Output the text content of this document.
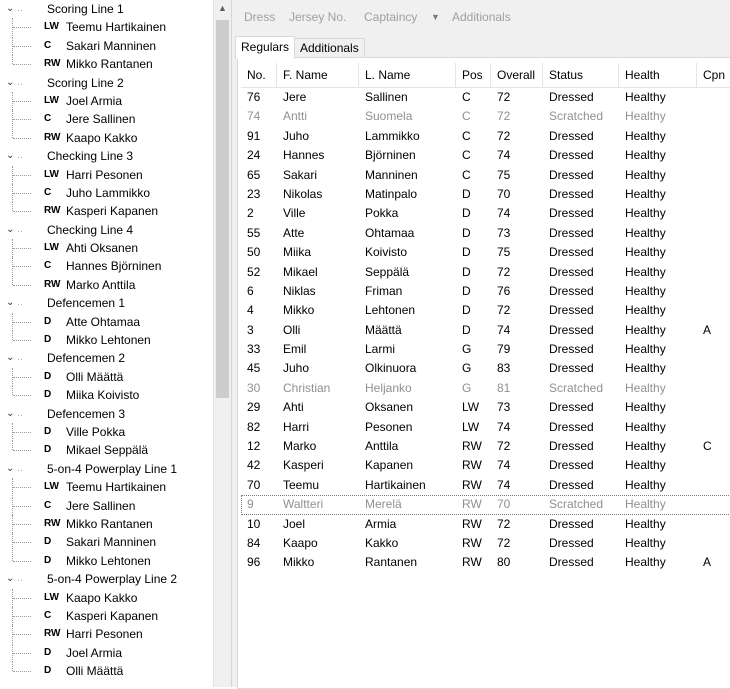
⌄ .. Scoring Line 1
LW Teemu Hartikainen
C Sakari Manninen
RW Mikko Rantanen
⌄ .. Scoring Line 2
LW Joel Armia
C Jere Sallinen
RW Kaapo Kakko
⌄ .. Checking Line 3
LW Harri Pesonen
C Juho Lammikko
RW Kasperi Kapanen
⌄ .. Checking Line 4
LW Ahti Oksanen
C Hannes Björninen
RW Marko Anttila
⌄ .. Defencemen 1
D Atte Ohtamaa
D Mikko Lehtonen
⌄ .. Defencemen 2
D Olli Määttä
D Miika Koivisto
⌄ .. Defencemen 3
D Ville Pokka
D Mikael Seppälä
⌄ .. 5-on-4 Powerplay Line 1
LW Teemu Hartikainen
C Jere Sallinen
RW Mikko Rantanen
D Sakari Manninen
D Mikko Lehtonen
⌄ .. 5-on-4 Powerplay Line 2
LW Kaapo Kakko
C Kasperi Kapanen
RW Harri Pesonen
D Joel Armia
D Olli Määttä
▲
Dress Jersey No. Captaincy ▼ Additionals
Regulars Additionals
No.	F. Name	L. Name	Pos	Overall	Status	Health	Cpn
76	Jere	Sallinen	C	72	Dressed	Healthy
74	Antti	Suomela	C	72	Scratched	Healthy
91	Juho	Lammikko	C	72	Dressed	Healthy
24	Hannes	Björninen	C	74	Dressed	Healthy
65	Sakari	Manninen	C	75	Dressed	Healthy
23	Nikolas	Matinpalo	D	70	Dressed	Healthy
2	Ville	Pokka	D	74	Dressed	Healthy
55	Atte	Ohtamaa	D	73	Dressed	Healthy
50	Miika	Koivisto	D	75	Dressed	Healthy
52	Mikael	Seppälä	D	72	Dressed	Healthy
6	Niklas	Friman	D	76	Dressed	Healthy
4	Mikko	Lehtonen	D	72	Dressed	Healthy
3	Olli	Määttä	D	74	Dressed	Healthy	A
33	Emil	Larmi	G	79	Dressed	Healthy
45	Juho	Olkinuora	G	83	Dressed	Healthy
30	Christian	Heljanko	G	81	Scratched	Healthy
29	Ahti	Oksanen	LW	73	Dressed	Healthy
82	Harri	Pesonen	LW	74	Dressed	Healthy
12	Marko	Anttila	RW	72	Dressed	Healthy	C
42	Kasperi	Kapanen	RW	74	Dressed	Healthy
70	Teemu	Hartikainen	RW	74	Dressed	Healthy
9	Waltteri	Merelä	RW	70	Scratched	Healthy
10	Joel	Armia	RW	72	Dressed	Healthy
84	Kaapo	Kakko	RW	72	Dressed	Healthy
96	Mikko	Rantanen	RW	80	Dressed	Healthy	A
